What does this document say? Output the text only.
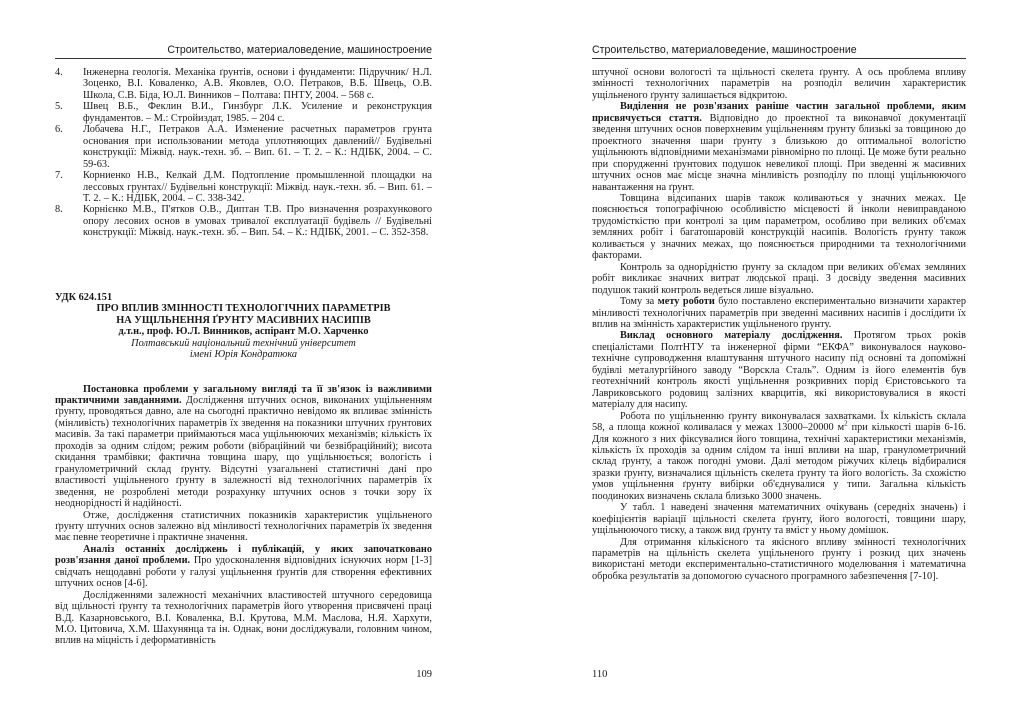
Строительство, материаловедение, машиностроение
4. Інженерна геологія. Механіка ґрунтів, основи і фундаменти: Підручник/ Н.Л. Зоценко, В.І. Коваленко, А.В. Яковлев, О.О. Петраков, В.Б. Швець, О.В. Школа, С.В. Біда, Ю.Л. Винников – Полтава: ПНТУ, 2004. – 568 с.
5. Швец В.Б., Феклин В.И., Гинзбург Л.К. Усиление и реконструкция фундаментов. – М.: Стройиздат, 1985. – 204 с.
6. Лобачева Н.Г., Петраков А.А. Изменение расчетных параметров грунта основания при использовании метода уплотняющих давлений// Будівельні конструкції: Міжвід. наук.-техн. зб. – Вип. 61. – Т. 2. – К.: НДІБК, 2004. – С. 59-63.
7. Корниенко Н.В., Келкай Д.М. Подтопление промышленной площадки на лессовых грунтах// Будівельні конструкції: Міжвід. наук.-техн. зб. – Вип. 61. – Т. 2. – К.: НДІБК, 2004. – С. 338-342.
8. Корнієнко М.В., П'ятков О.В., Диптан Т.В. Про визначення розрахункового опору лесових основ в умовах тривалої експлуатації будівель // Будівельні конструкції: Міжвід. наук.-техн. зб. – Вип. 54. – К.: НДІБК, 2001. – С. 352-358.
УДК 624.151
ПРО ВПЛИВ ЗМІННОСТІ ТЕХНОЛОГІЧНИХ ПАРАМЕТРІВ
НА УЩІЛЬНЕННЯ ҐРУНТУ МАСИВНИХ НАСИПІВ
д.т.н., проф. Ю.Л. Винников, аспірант М.О. Харченко
Полтавський національний технічний університет
імені Юрія Кондратюка

Постановка проблеми у загальному вигляді та її зв'язок із важливими практичними завданнями. Дослідження штучних основ, виконаних ущільненням ґрунту, проводяться давно, але на сьогодні практично невідомо як впливає змінність (мінливість) технологічних параметрів їх зведення на показники штучних ґрунтових масивів. За такі параметри приймаються маса ущільнюючих механізмів; кількість їх проходів за одним слідом; режим роботи (вібраційний чи безвібраційний); висота скидання трамбівки; фактична товщина шару, що ущільнюється; вологість і гранулометричний склад ґрунту. Відсутні узагальнені статистичні дані про властивості ущільненого ґрунту в залежності від технологічних параметрів їх зведення, не розроблені методи розрахунку штучних основ з точки зору їх неоднорідності й надійності.

Отже, дослідження статистичних показників характеристик ущільненого ґрунту штучних основ залежно від мінливості технологічних параметрів їх зведення має певне теоретичне і практичне значення.

Аналіз останніх досліджень і публікацій, у яких започатковано розв'язання даної проблеми. Про удосконалення відповідних існуючих норм [1-3] свідчать нещодавні роботи у галузі ущільнення ґрунтів для створення ефективних штучних основ [4-6].

Дослідженнями залежності механічних властивостей штучного середовища від щільності ґрунту та технологічних параметрів його утворення присвячені праці В.Д. Казарновського, В.І. Коваленка, В.І. Крутова, М.М. Маслова, Н.Я. Хархути, М.О. Цитовича, Х.М. Шахунянца та ін. Однак, вони досліджували, головним чином, вплив на міцність і деформативність

109
Строительство, материаловедение, машиностроение

штучної основи вологості та щільності скелета ґрунту. А ось проблема впливу змінності технологічних параметрів на розподіл величин характеристик ущільненого ґрунту залишається відкритою.

Виділення не розв'язаних раніше частин загальної проблеми, яким присвячується стаття. Відповідно до проектної та виконавчої документації зведення штучних основ поверхневим ущільненням ґрунту близькі за товщиною до проектного значення шари ґрунту з близькою до оптимальної вологістю ущільнюють відповідними механізмами рівномірно по площі. Це може бути реально при спорудженні ґрунтових подушок невеликої площі. При зведенні ж масивних штучних основ має місце значна мінливість розподілу по площі ущільнюючого навантаження на ґрунт.

Товщина відсипаних шарів також коливаються у значних межах. Це пояснюється топографічною особливістю місцевості й інколи невиправданою трудомісткістю при контролі за цим параметром, особливо при великих об'ємах земляних робіт і багатошаровій конструкцій насипів. Вологість ґрунту також коливається у значних межах, що пояснюється природними та технологічними факторами.

Контроль за однорідністю ґрунту за складом при великих об'ємах земляних робіт викликає значних витрат людської праці. З досвіду зведення масивних подушок такий контроль ведеться лише візуально.

Тому за мету роботи було поставлено експериментально визначити характер мінливості технологічних параметрів при зведенні масивних насипів і дослідити їх вплив на змінність характеристик ущільненого ґрунту.

Виклад основного матеріалу дослідження. Протягом трьох років спеціалістами ПолтНТУ та інженерної фірми “ЕКФА” виконувалося науково-технічне супроводження влаштування штучного насипу під основні та допоміжні будівлі металургійного заводу “Ворскла Сталь”. Одним із його елементів був геотехнічний контроль якості ущільнення розкривних порід Єристовського та Лавриковського родовищ залізних кварцитів, які використовувалися в якості матеріалу для насипу.

Робота по ущільненню ґрунту виконувалася захватками. Їх кількість склала 58, а площа кожної коливалася у межах 13000–20000 $м^2$ при кількості шарів 6-16. Для кожного з них фіксувалися його товщина, технічні характеристики механізмів, кількість їх проходів за одним слідом та інші впливи на шар, гранулометричний склад ґрунту, а також погодні умови. Далі методом ріжучих кілець відбиралися зразки ґрунту, визначалися щільність скелета ґрунту та його вологість. За схожістю умов ущільнення ґрунту вибірки об'єднувалися у типи. Загальна кількість поодиноких визначень склала близько 3000 значень.

У табл. 1 наведені значення математичних очікувань (середніх значень) і коефіцієнтів варіації щільності скелета ґрунту, його вологості, товщини шару, ущільнюючого тиску, а також вид ґрунту та вміст у ньому домішок.

Для отримання кількісного та якісного впливу змінності технологічних параметрів на щільність скелета ущільненого ґрунту і розкид цих значень використані методи експериментально-статистичного моделювання і математична обробка результатів за допомогою сучасного програмного забезпечення [7-10].

110
